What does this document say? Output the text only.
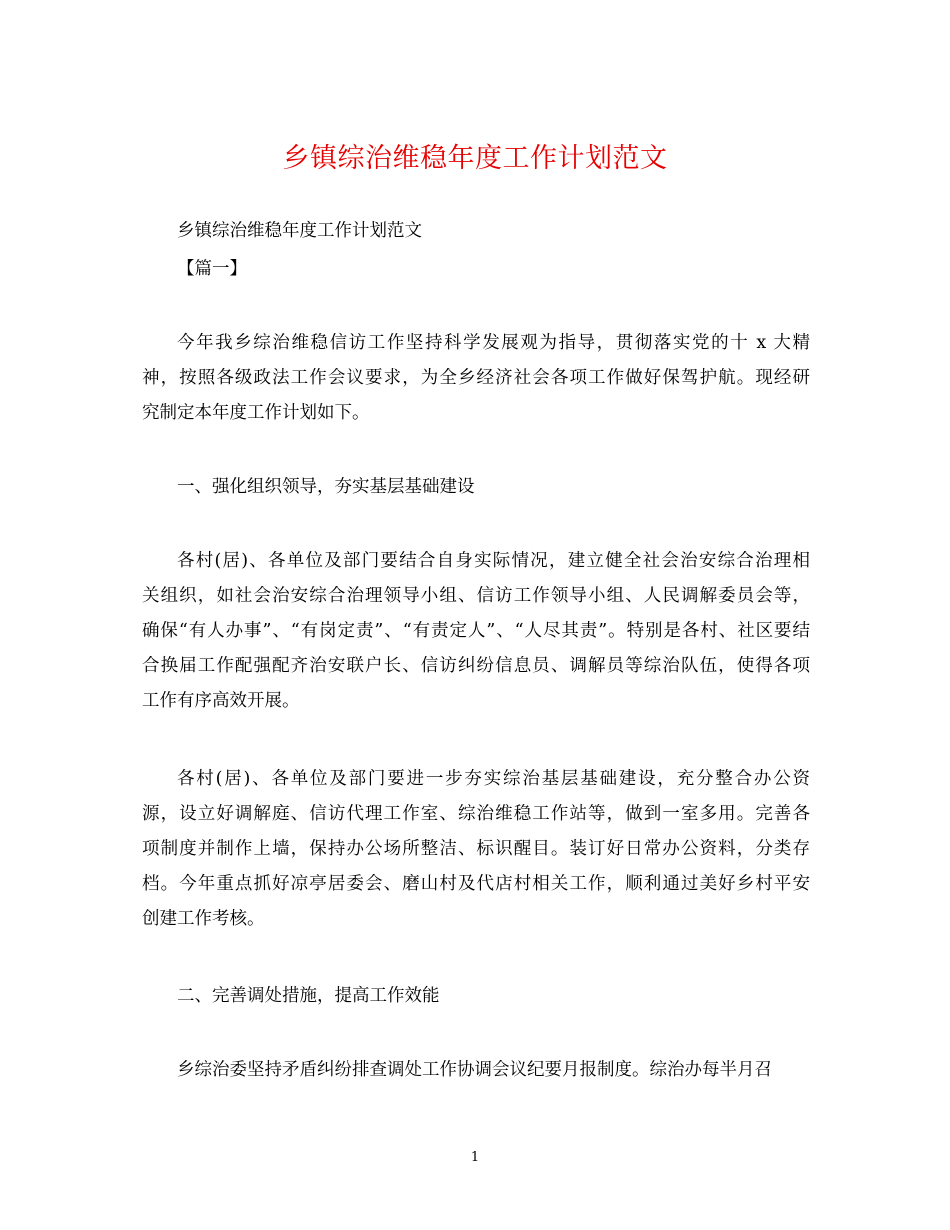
乡镇综治维稳年度工作计划范文
乡镇综治维稳年度工作计划范文
【篇一】
今年我乡综治维稳信访工作坚持科学发展观为指导，贯彻落实党的十 x 大精
神，按照各级政法工作会议要求，为全乡经济社会各项工作做好保驾护航。现经研
究制定本年度工作计划如下。
一、强化组织领导，夯实基层基础建设
各村(居)、各单位及部门要结合自身实际情况，建立健全社会治安综合治理相
关组织，如社会治安综合治理领导小组、信访工作领导小组、人民调解委员会等，
确保“有人办事”、“有岗定责”、“有责定人”、“人尽其责”。特别是各村、社区要结
合换届工作配强配齐治安联户长、信访纠纷信息员、调解员等综治队伍，使得各项
工作有序高效开展。
各村(居)、各单位及部门要进一步夯实综治基层基础建设，充分整合办公资
源，设立好调解庭、信访代理工作室、综治维稳工作站等，做到一室多用。完善各
项制度并制作上墙，保持办公场所整洁、标识醒目。装订好日常办公资料，分类存
档。今年重点抓好凉亭居委会、磨山村及代店村相关工作，顺利通过美好乡村平安
创建工作考核。
二、完善调处措施，提高工作效能
乡综治委坚持矛盾纠纷排查调处工作协调会议纪要月报制度。综治办每半月召
1
